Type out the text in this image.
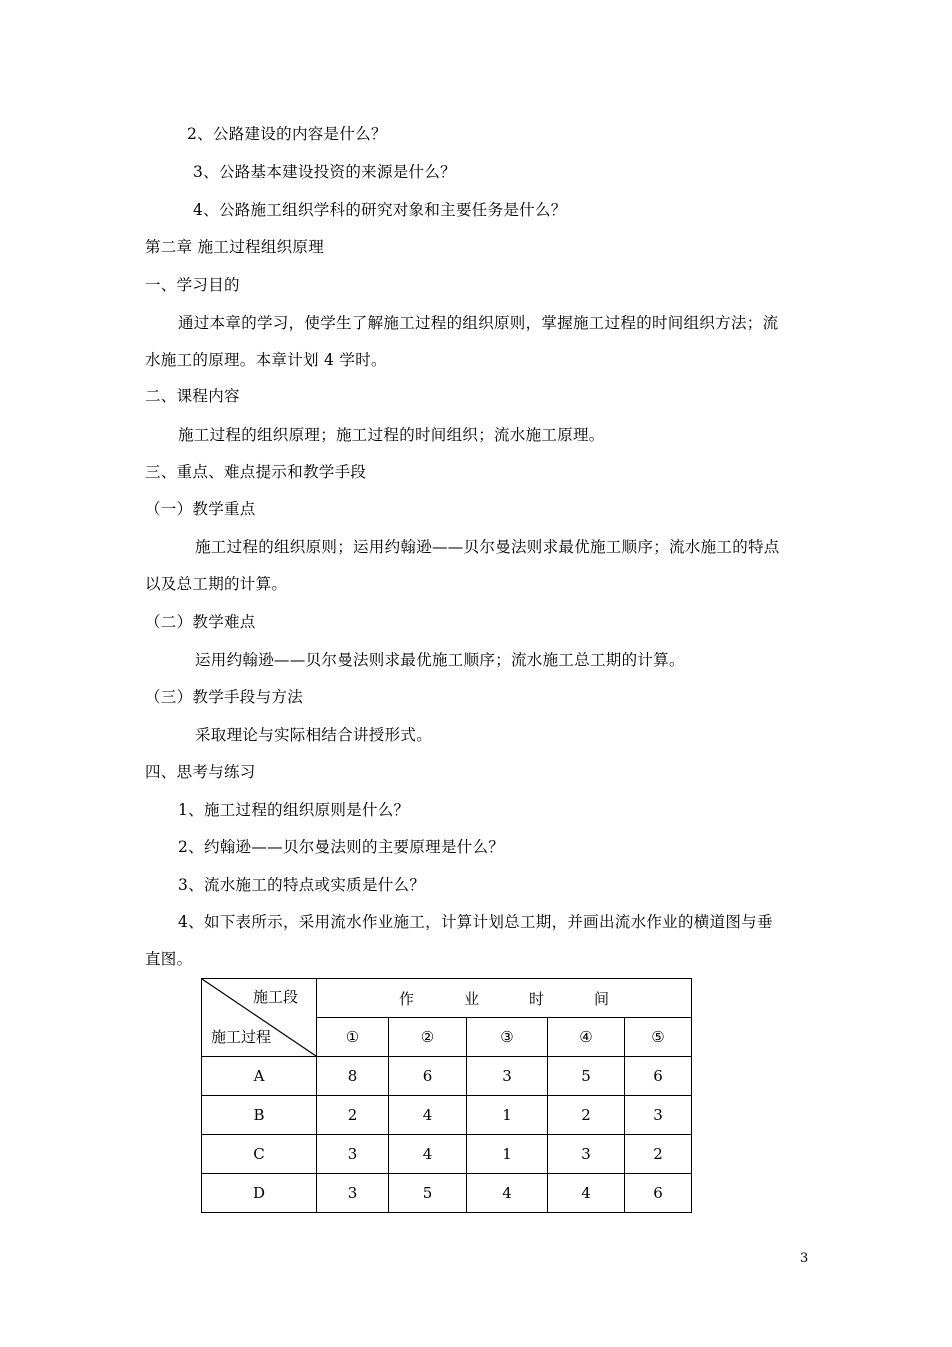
2、公路建设的内容是什么？
3、公路基本建设投资的来源是什么？
4、公路施工组织学科的研究对象和主要任务是什么？
第二章 施工过程组织原理
一、学习目的
通过本章的学习，使学生了解施工过程的组织原则，掌握施工过程的时间组织方法；流
水施工的原理。本章计划 4 学时。
二、课程内容
施工过程的组织原理；施工过程的时间组织；流水施工原理。
三、重点、难点提示和教学手段
（一）教学重点
施工过程的组织原则；运用约翰逊——贝尔曼法则求最优施工顺序；流水施工的特点
以及总工期的计算。
（二）教学难点
运用约翰逊——贝尔曼法则求最优施工顺序；流水施工总工期的计算。
（三）教学手段与方法
采取理论与实际相结合讲授形式。
四、思考与练习
1、施工过程的组织原则是什么？
2、约翰逊——贝尔曼法则的主要原理是什么？
3、流水施工的特点或实质是什么？
4、如下表所示，采用流水作业施工，计算计划总工期，并画出流水作业的横道图与垂
直图。
施工段
施工过程	作 业 时 间				
	①	②	③	④	⑤
A	8	6	3	5	6
B	2	4	1	2	3
C	3	4	1	3	2
D	3	5	4	4	6
3
